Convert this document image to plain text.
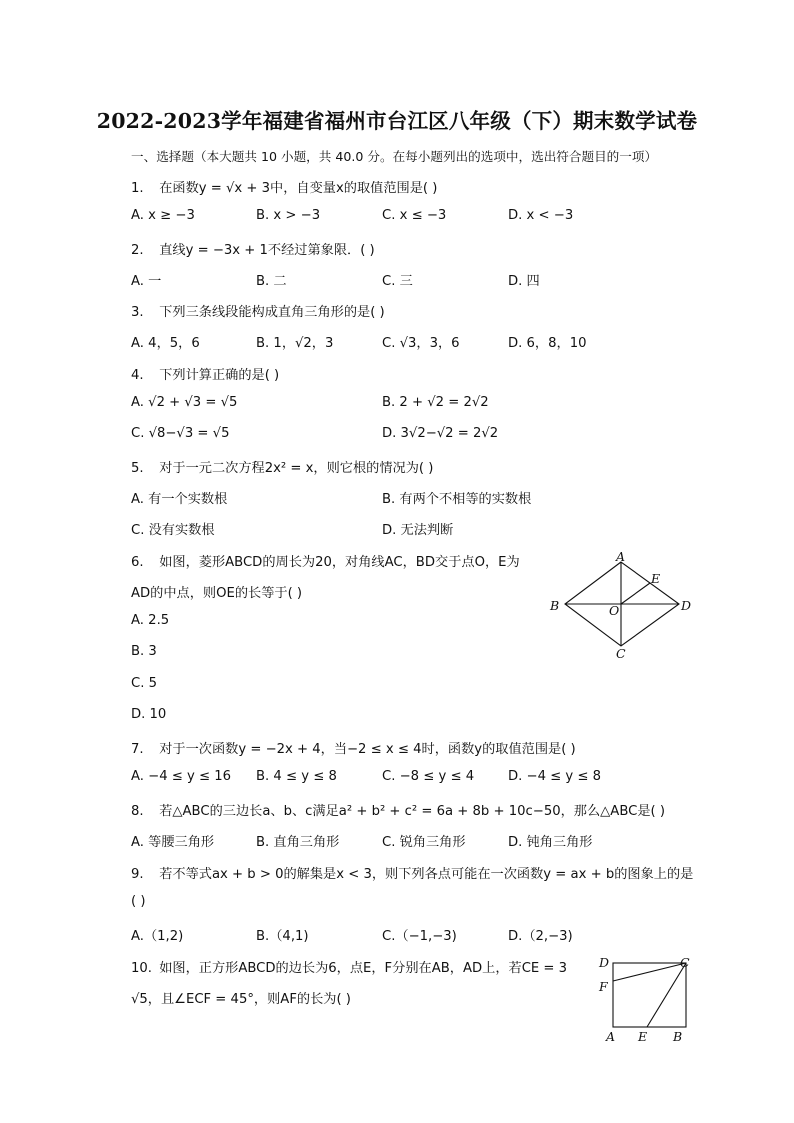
2022-2023学年福建省福州市台江区八年级（下）期末数学试卷
一、选择题（本大题共 10 小题，共 40.0 分。在每小题列出的选项中，选出符合题目的一项）
1. 在函数y = √x + 3中，自变量x的取值范围是( )
A. x ≥ −3	B. x > −3	C. x ≤ −3	D. x < −3
2. 直线y = −3x + 1不经过第象限．( )
A. 一	B. 二	C. 三	D. 四
3. 下列三条线段能构成直角三角形的是( )
A. 4，5，6	B. 1，√2，3	C. √3，3，6	D. 6，8，10
4. 下列计算正确的是( )
A. √2 + √3 = √5	B. 2 + √2 = 2√2
C. √8−√3 = √5	D. 3√2−√2 = 2√2
5. 对于一元二次方程2x² = x，则它根的情况为( )
A. 有一个实数根	B. 有两个不相等的实数根
C. 没有实数根	D. 无法判断
6. 如图，菱形ABCD的周长为20，对角线AC，BD交于点O，E为
AD的中点，则OE的长等于( )
A. 2.5
B. 3
C. 5
D. 10
A
B
C
D
O
E
7. 对于一次函数y = −2x + 4，当−2 ≤ x ≤ 4时，函数y的取值范围是( )
A. −4 ≤ y ≤ 16 B. 4 ≤ y ≤ 8	C. −8 ≤ y ≤ 4	D. −4 ≤ y ≤ 8
8. 若△ABC的三边长a、b、c满足a² + b² + c² = 6a + 8b + 10c−50，那么△ABC是( )
A. 等腰三角形	B. 直角三角形	C. 锐角三角形	D. 钝角三角形
9. 若不等式ax + b > 0的解集是x < 3，则下列各点可能在一次函数y = ax + b的图象上的是
( )
A.（1,2)	B.（4,1)	C.（−1,−3)	D.（2,−3)
10. 如图，正方形ABCD的边长为6，点E，F分别在AB，AD上，若CE = 3
√5，且∠ECF = 45°，则AF的长为( )
D	C
F
A E B
